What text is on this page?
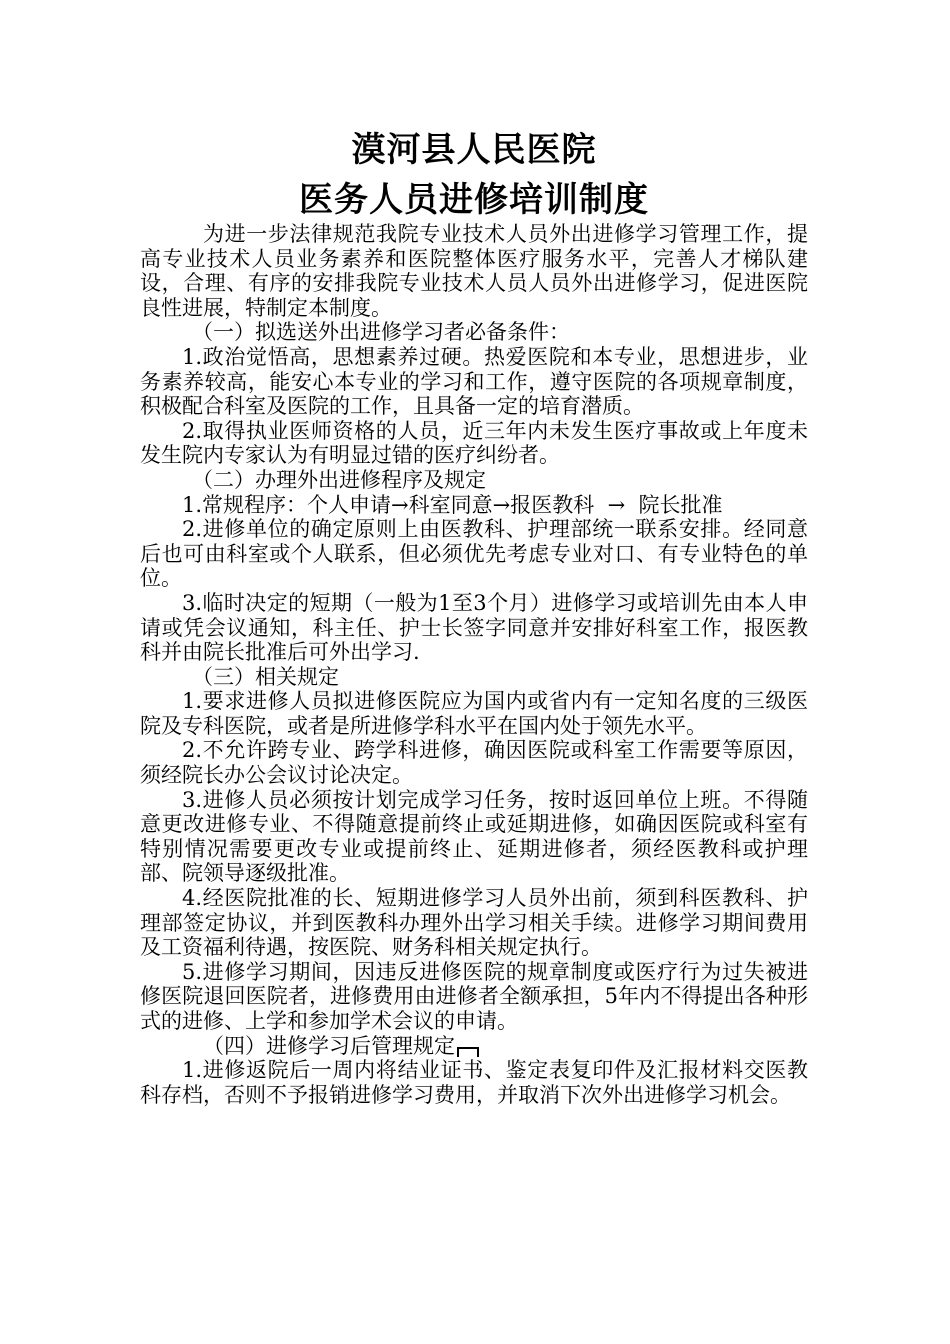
漠河县人民医院
医务人员进修培训制度

为进一步法律规范我院专业技术人员外出进修学习管理工作，提高专业技术人员业务素养和医院整体医疗服务水平，完善人才梯队建设，合理、有序的安排我院专业技术人员人员外出进修学习，促进医院良性进展，特制定本制度。

（一）拟选送外出进修学习者必备条件：

1.政治觉悟高，思想素养过硬。热爱医院和本专业，思想进步，业务素养较高，能安心本专业的学习和工作，遵守医院的各项规章制度，积极配合科室及医院的工作，且具备一定的培育潜质。

2.取得执业医师资格的人员，近三年内未发生医疗事故或上年度未发生院内专家认为有明显过错的医疗纠纷者。

（二）办理外出进修程序及规定

1.常规程序：个人申请→科室同意→报医教科  →  院长批准

2.进修单位的确定原则上由医教科、护理部统一联系安排。经同意后也可由科室或个人联系，但必须优先考虑专业对口、有专业特色的单位。

3.临时决定的短期（一般为1至3个月）进修学习或培训先由本人申请或凭会议通知，科主任、护士长签字同意并安排好科室工作，报医教科并由院长批准后可外出学习.

（三）相关规定

1.要求进修人员拟进修医院应为国内或省内有一定知名度的三级医院及专科医院，或者是所进修学科水平在国内处于领先水平。

2.不允许跨专业、跨学科进修，确因医院或科室工作需要等原因，须经院长办公会议讨论决定。

3.进修人员必须按计划完成学习任务，按时返回单位上班。不得随意更改进修专业、不得随意提前终止或延期进修，如确因医院或科室有特别情况需要更改专业或提前终止、延期进修者，须经医教科或护理部、院领导逐级批准。

4.经医院批准的长、短期进修学习人员外出前，须到科医教科、护理部签定协议，并到医教科办理外出学习相关手续。进修学习期间费用及工资福利待遇，按医院、财务科相关规定执行。

5.进修学习期间，因违反进修医院的规章制度或医疗行为过失被进修医院退回医院者，进修费用由进修者全额承担，5年内不得提出各种形式的进修、上学和参加学术会议的申请。

（四）进修学习后管理规定

1.进修返院后一周内将结业证书、鉴定表复印件及汇报材料交医教科存档，否则不予报销进修学习费用，并取消下次外出进修学习机会。
